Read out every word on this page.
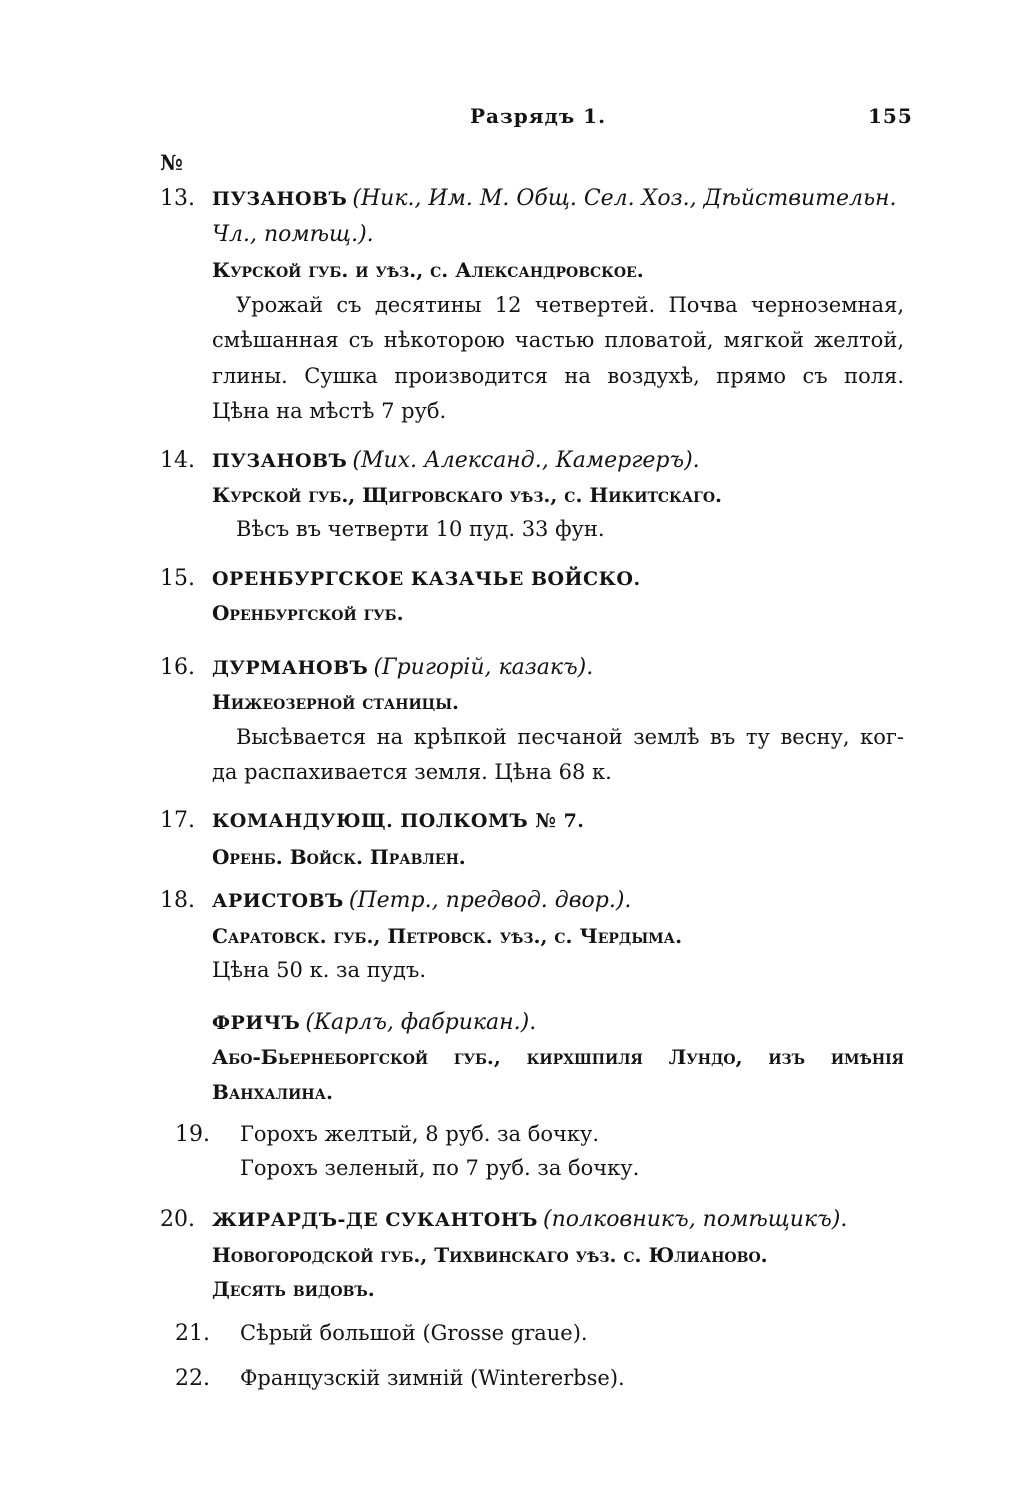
Разрядъ 1.	155
№
13. ПУЗАНОВЪ (Ник., Им. М. Общ. Сел. Хоз., Дѣйствительн.
Чл., помѣщ.).
Курской губ. и уѣз., с. Александровское.
Урожай съ десятины 12 четвертей. Почва черноземная,
смѣшанная съ нѣкоторою частью пловатой, мягкой желтой,
глины. Сушка производится на воздухѣ, прямо съ поля.
Цѣна на мѣстѣ 7 руб.
14. ПУЗАНОВЪ (Мих. Александ., Камергеръ).
Курской губ., Щигровскаго уѣз., с. Никитскаго.
Вѣсъ въ четверти 10 пуд. 33 фун.
15. ОРЕНБУРГСКОЕ КАЗАЧЬЕ ВОЙСКО.
Оренбургской губ.
16. ДУРМАНОВЪ (Григорій, казакъ).
Нижеозерной станицы.
Высѣвается на крѣпкой песчаной землѣ въ ту весну, ког-
да распахивается земля. Цѣна 68 к.
17. КОМАНДУЮЩ. ПОЛКОМЪ № 7.
Оренб. Войск. Правлен.
18. АРИСТОВЪ (Петр., предвод. двор.).
Саратовск. губ., Петровск. уѣз., с. Чердыма.
Цѣна 50 к. за пудъ.
ФРИЧЪ (Карлъ, фабрикан.).
Або-Бьернеборгской губ., кирхшпиля Лундо, изъ имѣнія
Ванхалина.
19. Горохъ желтый, 8 руб. за бочку.
Горохъ зеленый, по 7 руб. за бочку.
20. ЖИРАРДЪ-ДЕ СУКАНТОНЪ (полковникъ, помѣщикъ).
Новогородской губ., Тихвинскаго уѣз. с. Юлианово.
Десять видовъ.
21. Сѣрый большой (Grosse graue).
22. Французскій зимній (Wintererbse).
